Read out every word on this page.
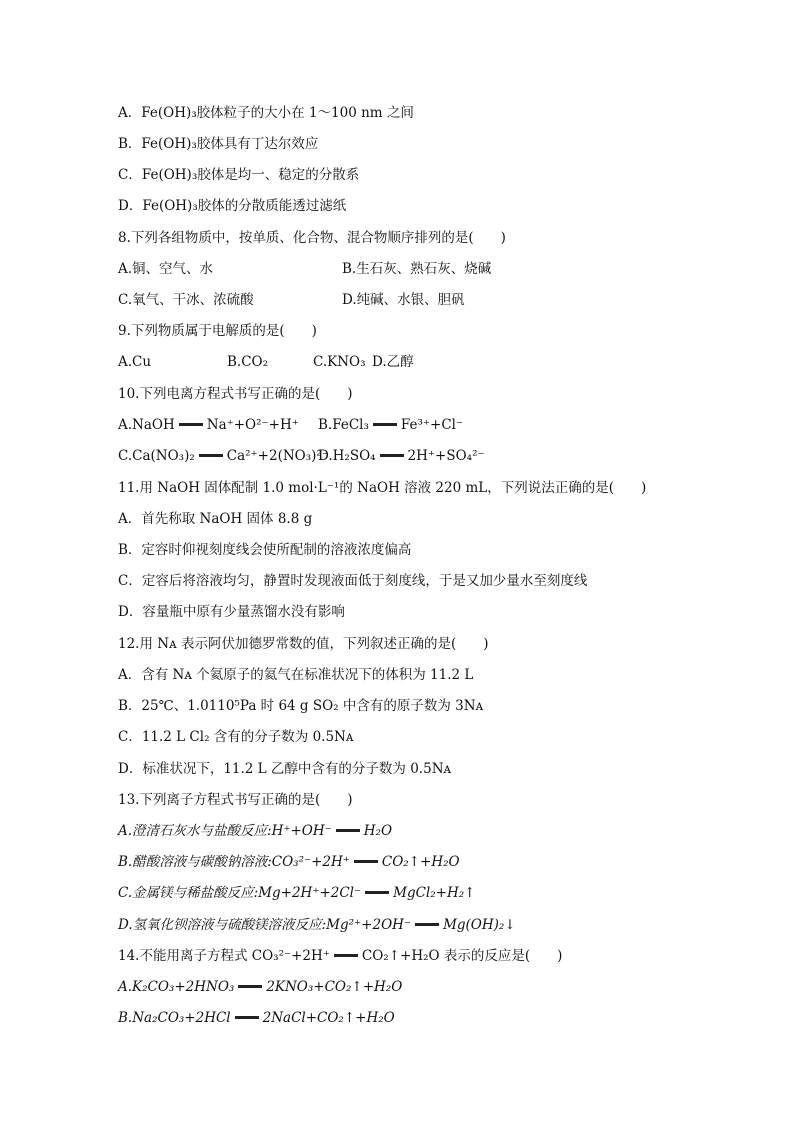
A．Fe(OH)₃胶体粒子的大小在 1～100 nm 之间
B．Fe(OH)₃胶体具有丁达尔效应
C．Fe(OH)₃胶体是均一、稳定的分散系
D．Fe(OH)₃胶体的分散质能透过滤纸
8.下列各组物质中，按单质、化合物、混合物顺序排列的是(　　)
A.铜、空气、水	B.生石灰、熟石灰、烧碱
C.氧气、干冰、浓硫酸	D.纯碱、水银、胆矾
9.下列物质属于电解质的是(　　)
A.Cu	B.CO₂	C.KNO₃ D.乙醇
10.下列电离方程式书写正确的是(　　)
A.NaOH Na⁺+O²⁻+H⁺ B.FeCl₃ Fe³⁺+Cl⁻
C.Ca(NO₃)₂ Ca²⁺+2(NO₃)²⁻
D.H₂SO₄ 2H⁺+SO₄²⁻
11.用 NaOH 固体配制 1.0 mol·L⁻¹的 NaOH 溶液 220 mL，下列说法正确的是(　　)
A．首先称取 NaOH 固体 8.8 g
B．定容时仰视刻度线会使所配制的溶液浓度偏高
C．定容后将溶液均匀，静置时发现液面低于刻度线，于是又加少量水至刻度线
D．容量瓶中原有少量蒸馏水没有影响
12.用 Nᴀ 表示阿伏加德罗常数的值，下列叙述正确的是(　　)
A．含有 Nᴀ 个氦原子的氦气在标准状况下的体积为 11.2 L
B．25℃、1.0110⁵Pa 时 64 g SO₂ 中含有的原子数为 3Nᴀ
C．11.2 L Cl₂ 含有的分子数为 0.5Nᴀ
D．标准状况下，11.2 L 乙醇中含有的分子数为 0.5Nᴀ
13.下列离子方程式书写正确的是(　　)
A.澄清石灰水与盐酸反应:H⁺+OH⁻ H₂O
B.醋酸溶液与碳酸钠溶液:CO₃²⁻+2H⁺ CO₂↑+H₂O
C.金属镁与稀盐酸反应:Mg+2H⁺+2Cl⁻ MgCl₂+H₂↑
D.氢氧化钡溶液与硫酸镁溶液反应:Mg²⁺+2OH⁻ Mg(OH)₂↓
14.不能用离子方程式 CO₃²⁻+2H⁺ CO₂↑+H₂O 表示的反应是(　　)
A.K₂CO₃+2HNO₃ 2KNO₃+CO₂↑+H₂O
B.Na₂CO₃+2HCl 2NaCl+CO₂↑+H₂O
